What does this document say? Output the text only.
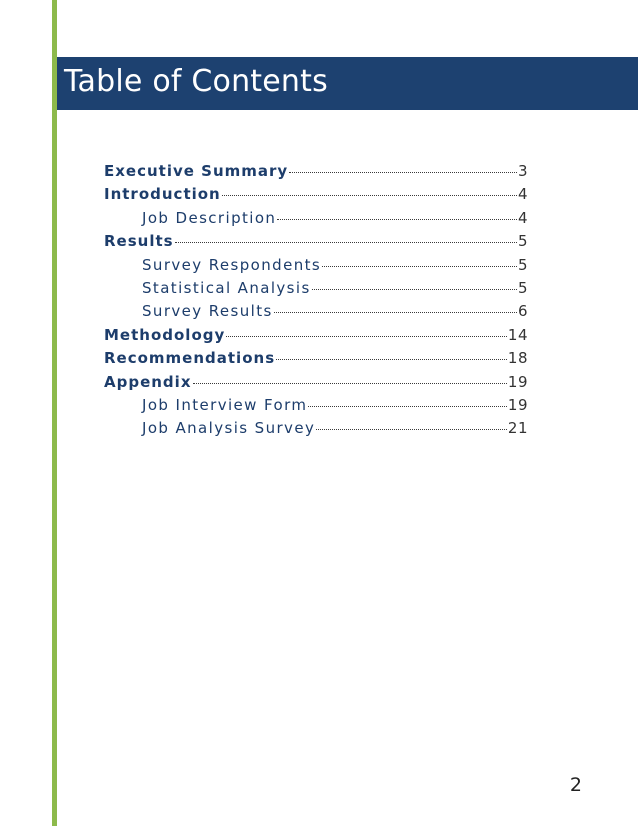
Table of Contents
Executive Summary	3
Introduction	4
Job Description	4
Results	5
Survey Respondents	5
Statistical Analysis	5
Survey Results	6
Methodology	14
Recommendations	18
Appendix	19
Job Interview Form	19
Job Analysis Survey	21
2
